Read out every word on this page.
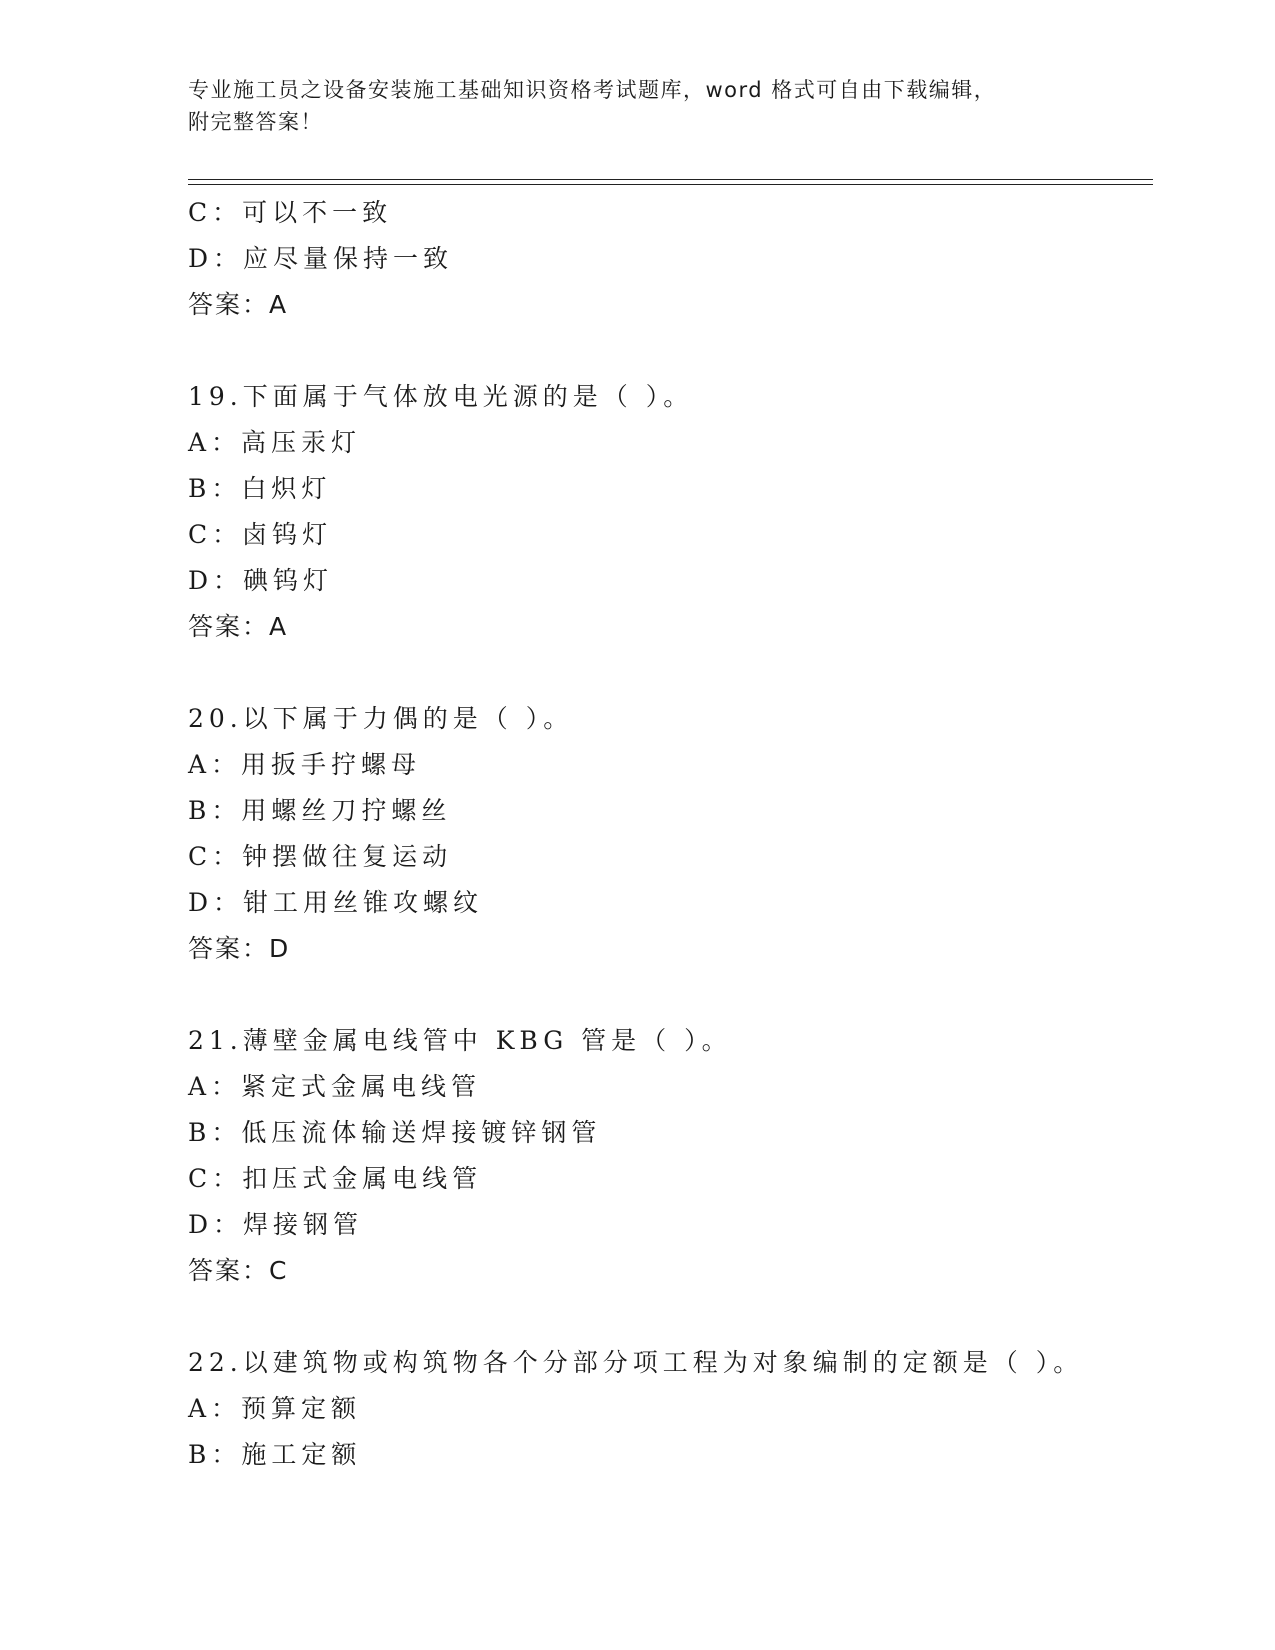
专业施工员之设备安装施工基础知识资格考试题库，word 格式可自由下载编辑，
附完整答案！
C：可以不一致
D：应尽量保持一致
答案：A
19.下面属于气体放电光源的是（ ）。
A：高压汞灯
B：白炽灯
C：卤钨灯
D：碘钨灯
答案：A
20.以下属于力偶的是（ ）。
A：用扳手拧螺母
B：用螺丝刀拧螺丝
C：钟摆做往复运动
D：钳工用丝锥攻螺纹
答案：D
21.薄壁金属电线管中 KBG 管是（ ）。
A：紧定式金属电线管
B：低压流体输送焊接镀锌钢管
C：扣压式金属电线管
D：焊接钢管
答案：C
22.以建筑物或构筑物各个分部分项工程为对象编制的定额是（ ）。
A：预算定额
B：施工定额
